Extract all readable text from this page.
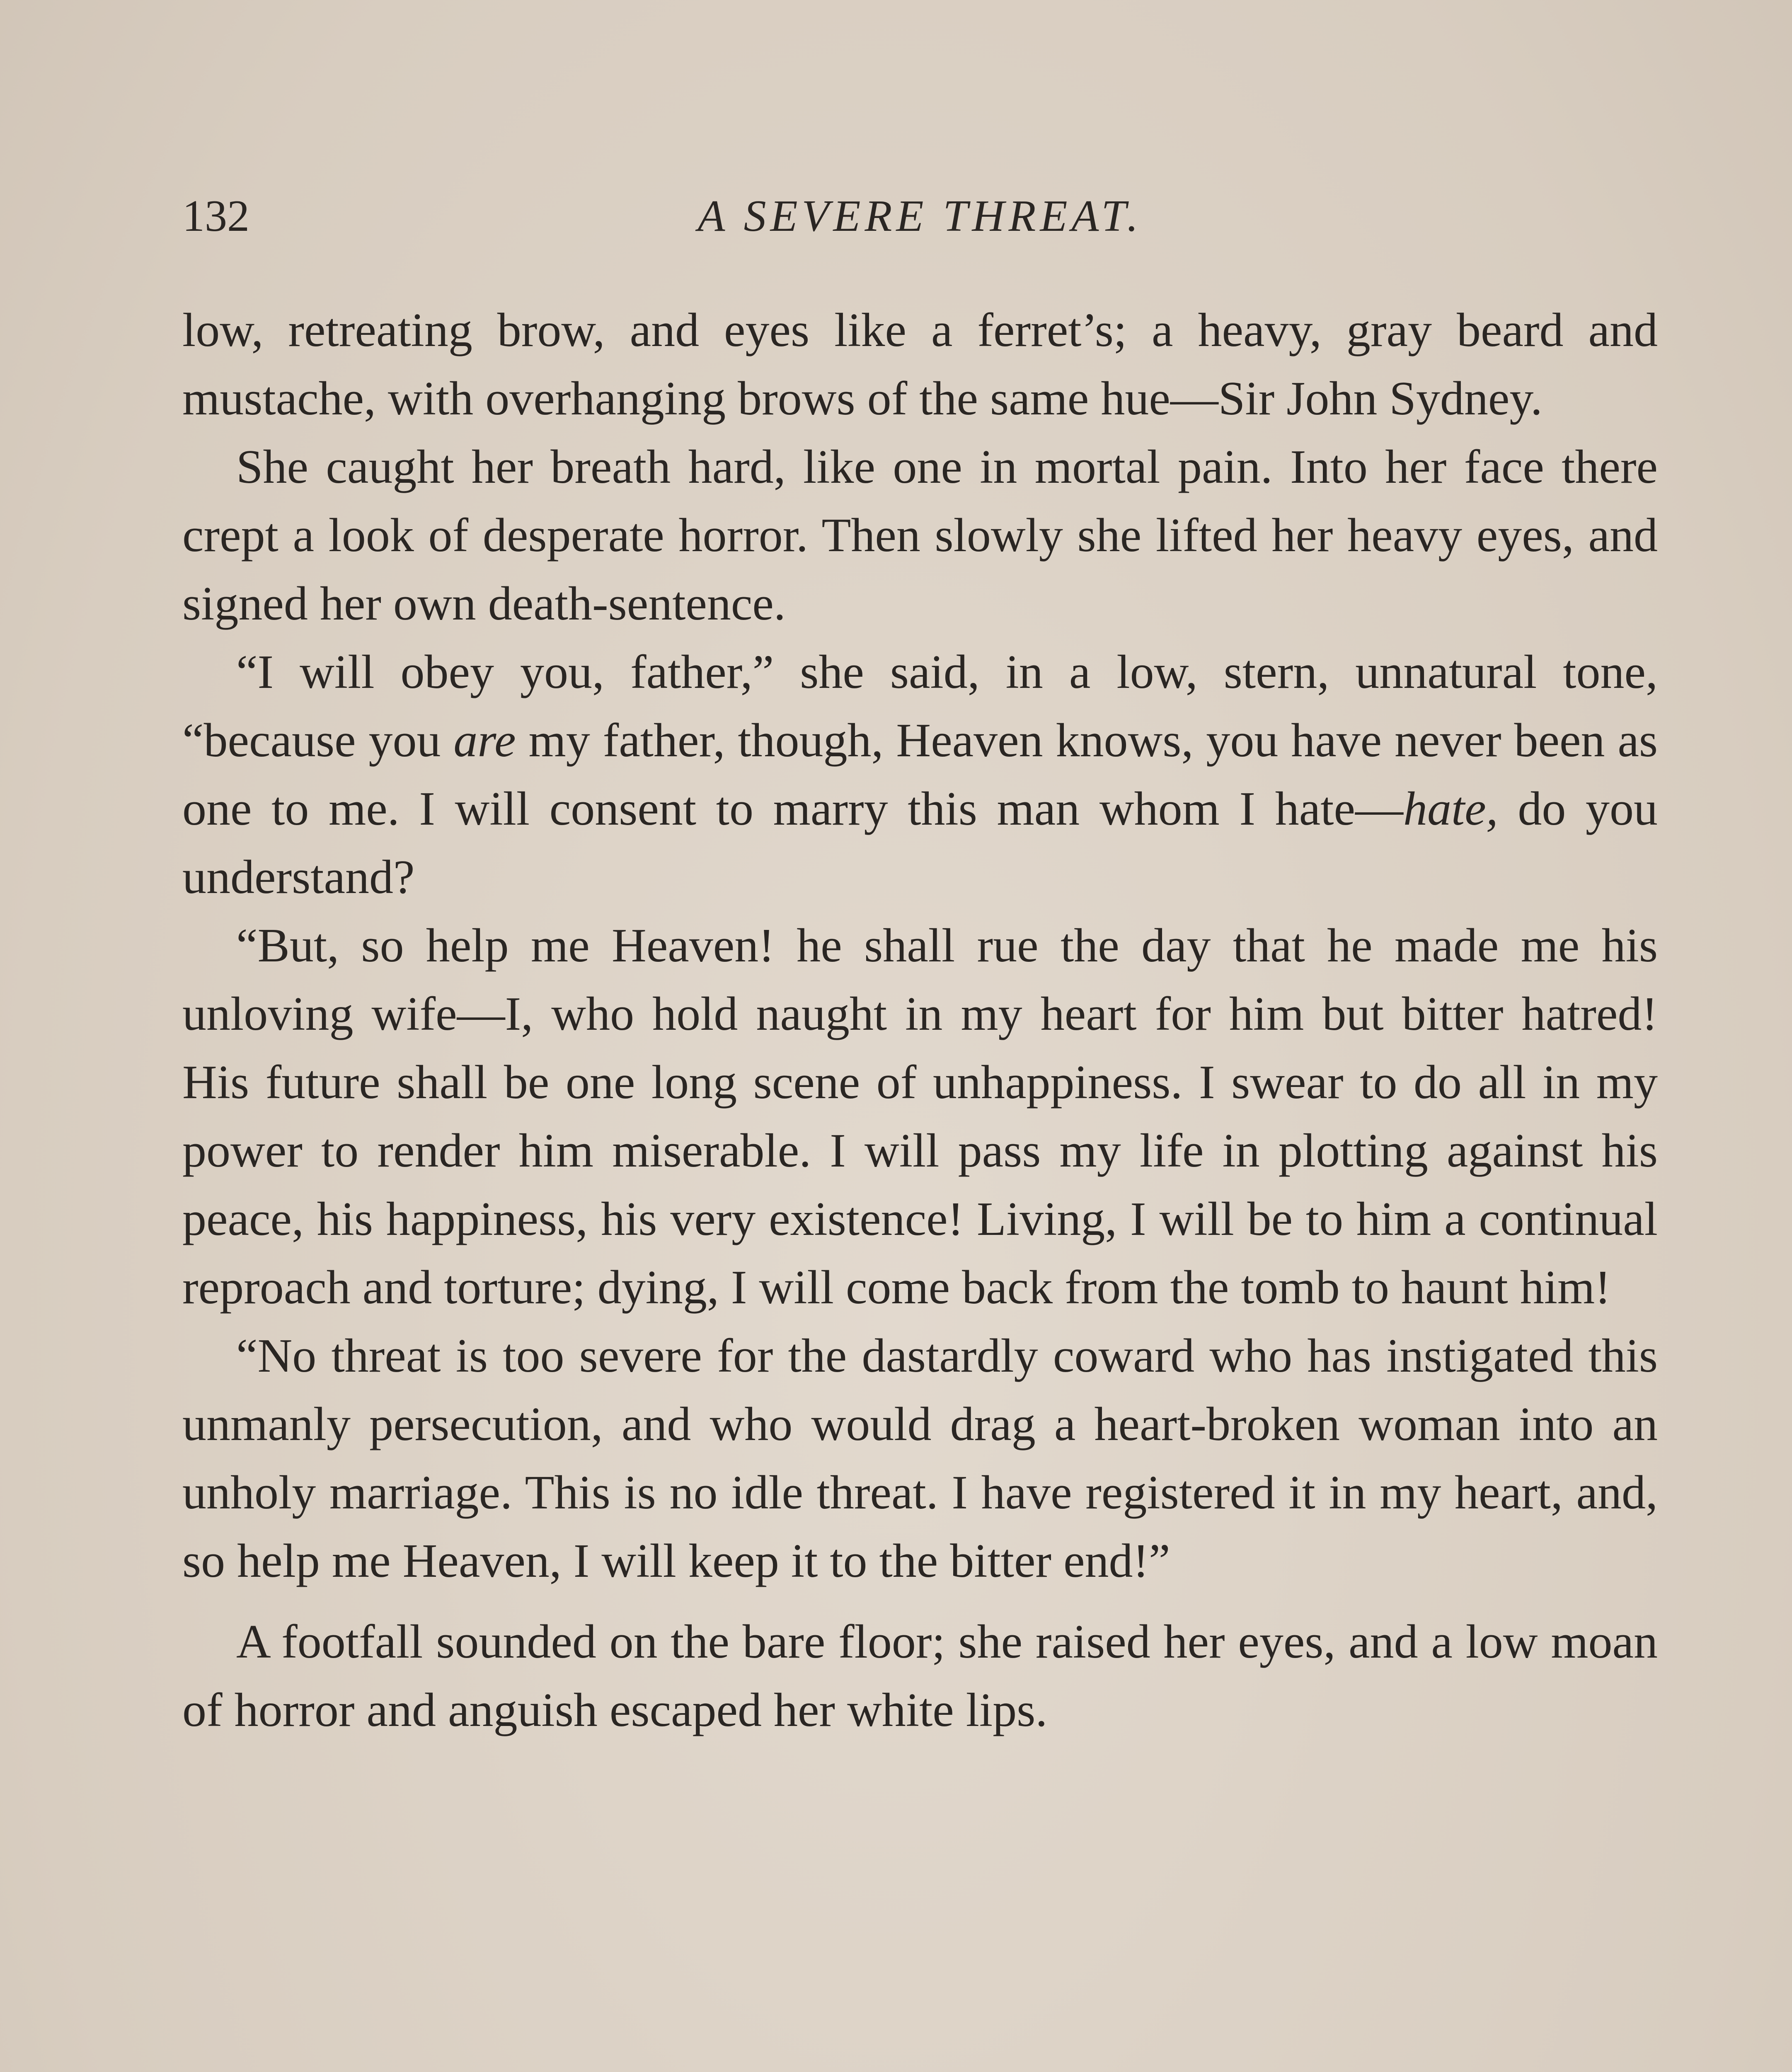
132	A SEVERE THREAT.

low, retreating brow, and eyes like a ferret’s; a heavy, gray beard and mustache, with overhanging brows of the same hue—Sir John Sydney.

She caught her breath hard, like one in mortal pain. Into her face there crept a look of desperate horror. Then slowly she lifted her heavy eyes, and signed her own death-sentence.

“I will obey you, father,” she said, in a low, stern, unnatural tone, “because you are my father, though, Heaven knows, you have never been as one to me. I will consent to marry this man whom I hate—hate, do you understand?

“But, so help me Heaven! he shall rue the day that he made me his unloving wife—I, who hold naught in my heart for him but bitter hatred! His future shall be one long scene of unhappiness. I swear to do all in my power to render him miserable. I will pass my life in plotting against his peace, his happiness, his very existence! Living, I will be to him a continual reproach and torture; dying, I will come back from the tomb to haunt him!

“No threat is too severe for the dastardly coward who has instigated this unmanly persecution, and who would drag a heart-broken woman into an unholy marriage. This is no idle threat. I have registered it in my heart, and, so help me Heaven, I will keep it to the bitter end!”

A footfall sounded on the bare floor; she raised her eyes, and a low moan of horror and anguish escaped her white lips.
